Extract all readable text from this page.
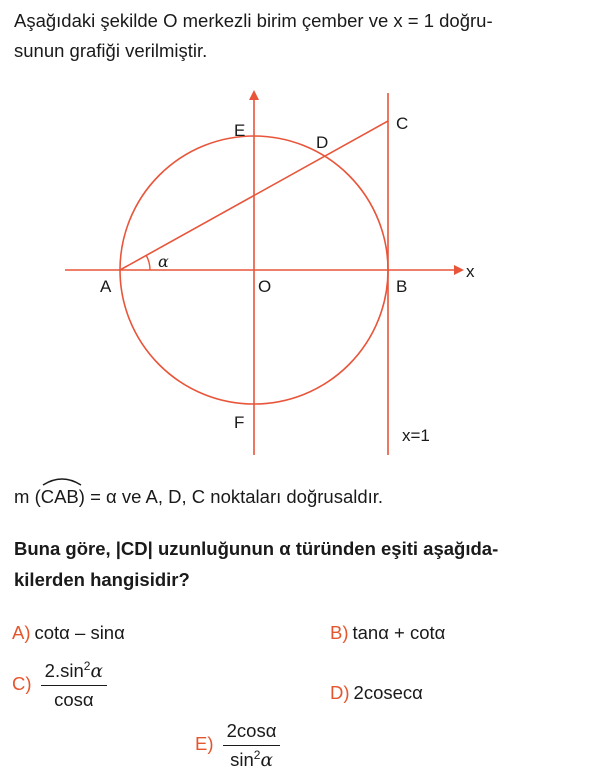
Aşağıdaki şekilde O merkezli birim çember ve x = 1 doğru-
sunun grafiği verilmiştir.
α
A	O	B
x
E
D
C
F
x=1
m (
CAB) = α ve A, D, C noktaları doğrusaldır.
Buna göre, |CD| uzunluğunun α türünden eşiti aşağıda-
kilerden hangisidir?
A) cotα – sinα	B) tanα + cotα
$C) \frac{2.\sin^2\alpha}{\cos\alpha}$	D) 2cosecα
$E) \frac{2\cos\alpha}{\sin^2\alpha}$
